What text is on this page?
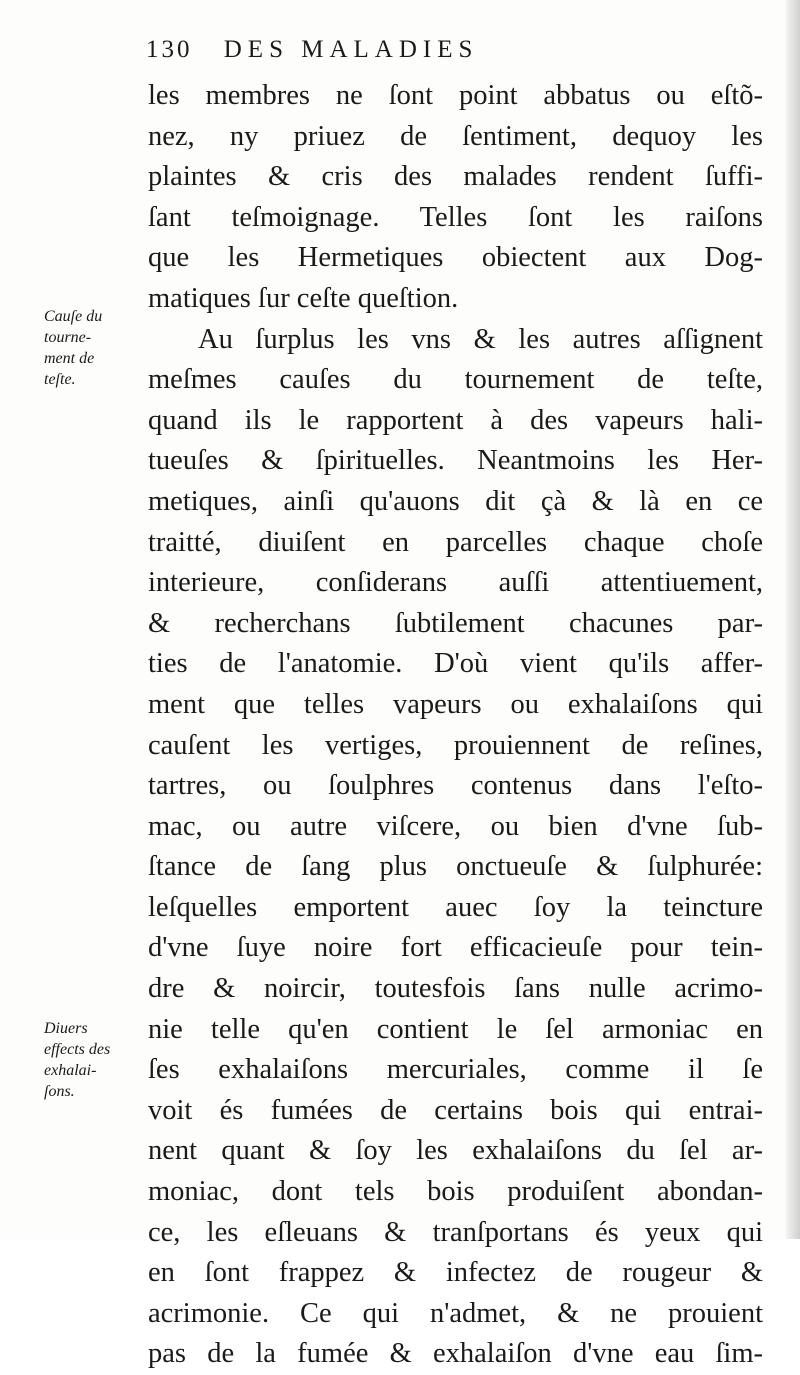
130 DES MALADIES
les membres ne ſont point abbatus ou eſtõ-
nez, ny priuez de ſentiment, dequoy les
plaintes & cris des malades rendent ſuffi-
ſant teſmoignage. Telles ſont les raiſons
que les Hermetiques obiectent aux Dog-
matiques ſur ceſte queſtion.
Au ſurplus les vns & les autres aſſignent
meſmes cauſes du tournement de teſte,
quand ils le rapportent à des vapeurs hali-
tueuſes & ſpirituelles. Neantmoins les Her-
metiques, ainſi qu'auons dit çà & là en ce
traitté, diuiſent en parcelles chaque choſe
interieure, conſiderans auſſi attentiuement,
& recherchans ſubtilement chacunes par-
ties de l'anatomie. D'où vient qu'ils affer-
ment que telles vapeurs ou exhalaiſons qui
cauſent les vertiges, prouiennent de reſines,
tartres, ou ſoulphres contenus dans l'eſto-
mac, ou autre viſcere, ou bien d'vne ſub-
ſtance de ſang plus onctueuſe & ſulphurée:
leſquelles emportent auec ſoy la teincture
d'vne ſuye noire fort efficacieuſe pour tein-
dre & noircir, toutesfois ſans nulle acrimo-
nie telle qu'en contient le ſel armoniac en
ſes exhalaiſons mercuriales, comme il ſe
voit és fumées de certains bois qui entrai-
nent quant & ſoy les exhalaiſons du ſel ar-
moniac, dont tels bois produiſent abondan-
ce, les eſleuans & tranſportans és yeux qui
en ſont frappez & infectez de rougeur &
acrimonie. Ce qui n'admet, & ne prouient
pas de la fumée & exhalaiſon d'vne eau ſim-
Cauſe du
tourne-
ment de
teſte.
Diuers
effects des
exhalai-
ſons.
